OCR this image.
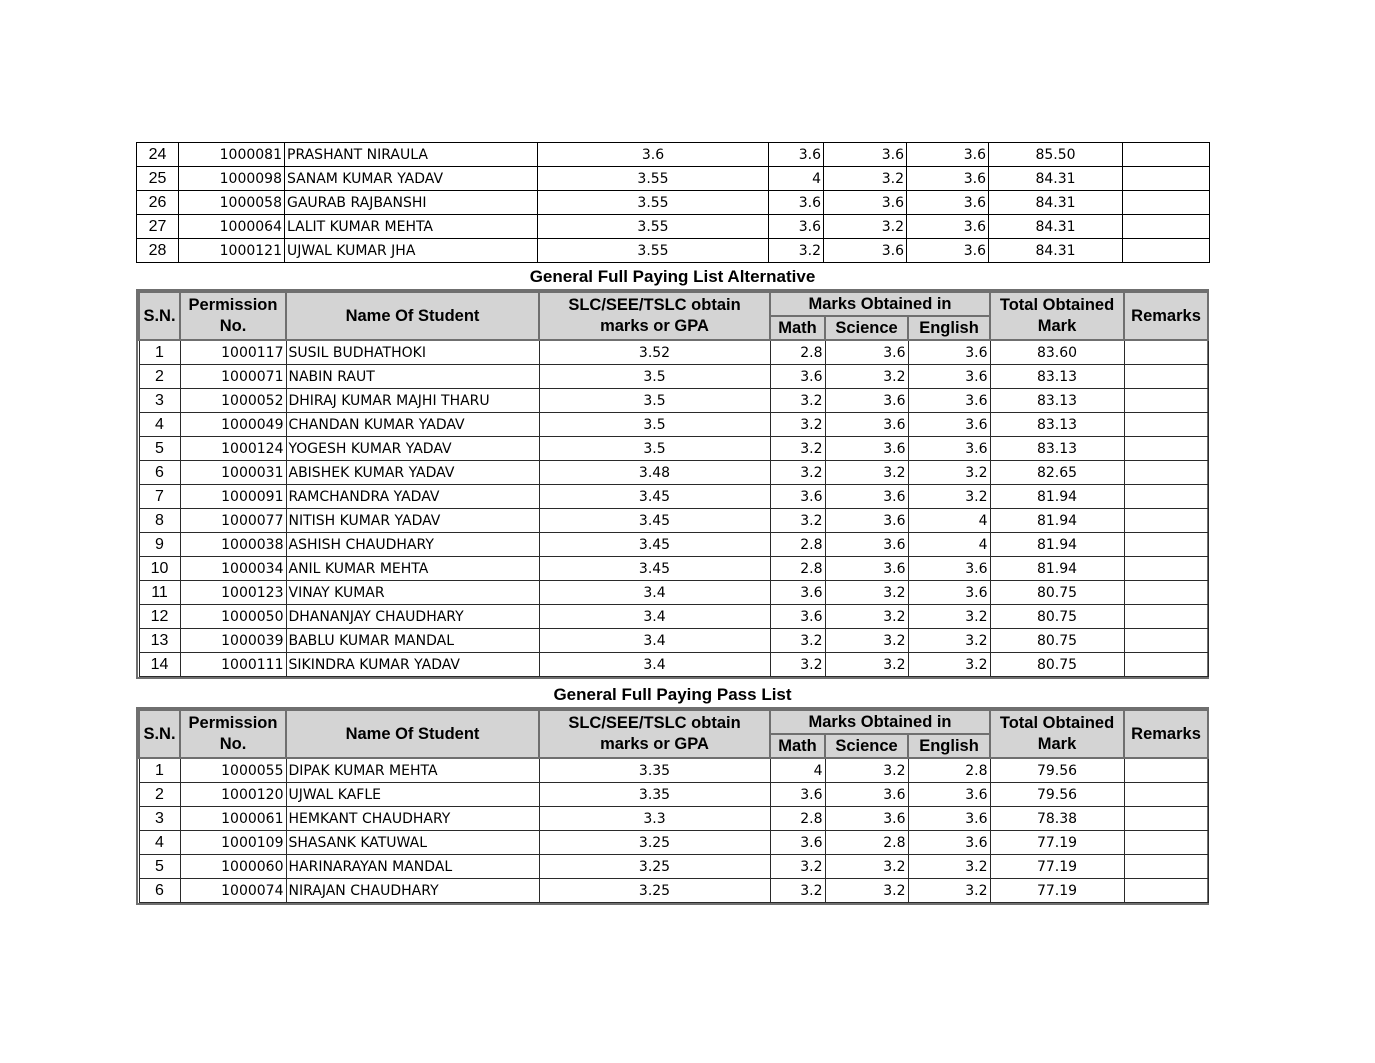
24	1000081	PRASHANT NIRAULA	3.6	3.6	3.6	3.6	85.50	
25	1000098	SANAM KUMAR YADAV	3.55	4	3.2	3.6	84.31	
26	1000058	GAURAB RAJBANSHI	3.55	3.6	3.6	3.6	84.31	
27	1000064	LALIT KUMAR MEHTA	3.55	3.6	3.2	3.6	84.31	
28	1000121	UJWAL KUMAR JHA	3.55	3.2	3.6	3.6	84.31	
General Full Paying List Alternative
S.N.	Permission No.	Name Of Student	SLC/SEE/TSLC obtain marks or GPA	Marks Obtained in			Total Obtained Mark	Remarks
				Math	Science	English		
1	1000117	SUSIL BUDHATHOKI	3.52	2.8	3.6	3.6	83.60	
2	1000071	NABIN RAUT	3.5	3.6	3.2	3.6	83.13	
3	1000052	DHIRAJ KUMAR MAJHI THARU	3.5	3.2	3.6	3.6	83.13	
4	1000049	CHANDAN KUMAR YADAV	3.5	3.2	3.6	3.6	83.13	
5	1000124	YOGESH KUMAR YADAV	3.5	3.2	3.6	3.6	83.13	
6	1000031	ABISHEK KUMAR YADAV	3.48	3.2	3.2	3.2	82.65	
7	1000091	RAMCHANDRA YADAV	3.45	3.6	3.6	3.2	81.94	
8	1000077	NITISH KUMAR YADAV	3.45	3.2	3.6	4	81.94	
9	1000038	ASHISH CHAUDHARY	3.45	2.8	3.6	4	81.94	
10	1000034	ANIL KUMAR MEHTA	3.45	2.8	3.6	3.6	81.94	
11	1000123	VINAY KUMAR	3.4	3.6	3.2	3.6	80.75	
12	1000050	DHANANJAY CHAUDHARY	3.4	3.6	3.2	3.2	80.75	
13	1000039	BABLU KUMAR MANDAL	3.4	3.2	3.2	3.2	80.75	
14	1000111	SIKINDRA KUMAR YADAV	3.4	3.2	3.2	3.2	80.75	
General Full Paying Pass List
S.N.	Permission No.	Name Of Student	SLC/SEE/TSLC obtain marks or GPA	Marks Obtained in			Total Obtained Mark	Remarks
				Math	Science	English		
1	1000055	DIPAK KUMAR MEHTA	3.35	4	3.2	2.8	79.56	
2	1000120	UJWAL KAFLE	3.35	3.6	3.6	3.6	79.56	
3	1000061	HEMKANT CHAUDHARY	3.3	2.8	3.6	3.6	78.38	
4	1000109	SHASANK KATUWAL	3.25	3.6	2.8	3.6	77.19	
5	1000060	HARINARAYAN MANDAL	3.25	3.2	3.2	3.2	77.19	
6	1000074	NIRAJAN CHAUDHARY	3.25	3.2	3.2	3.2	77.19	
